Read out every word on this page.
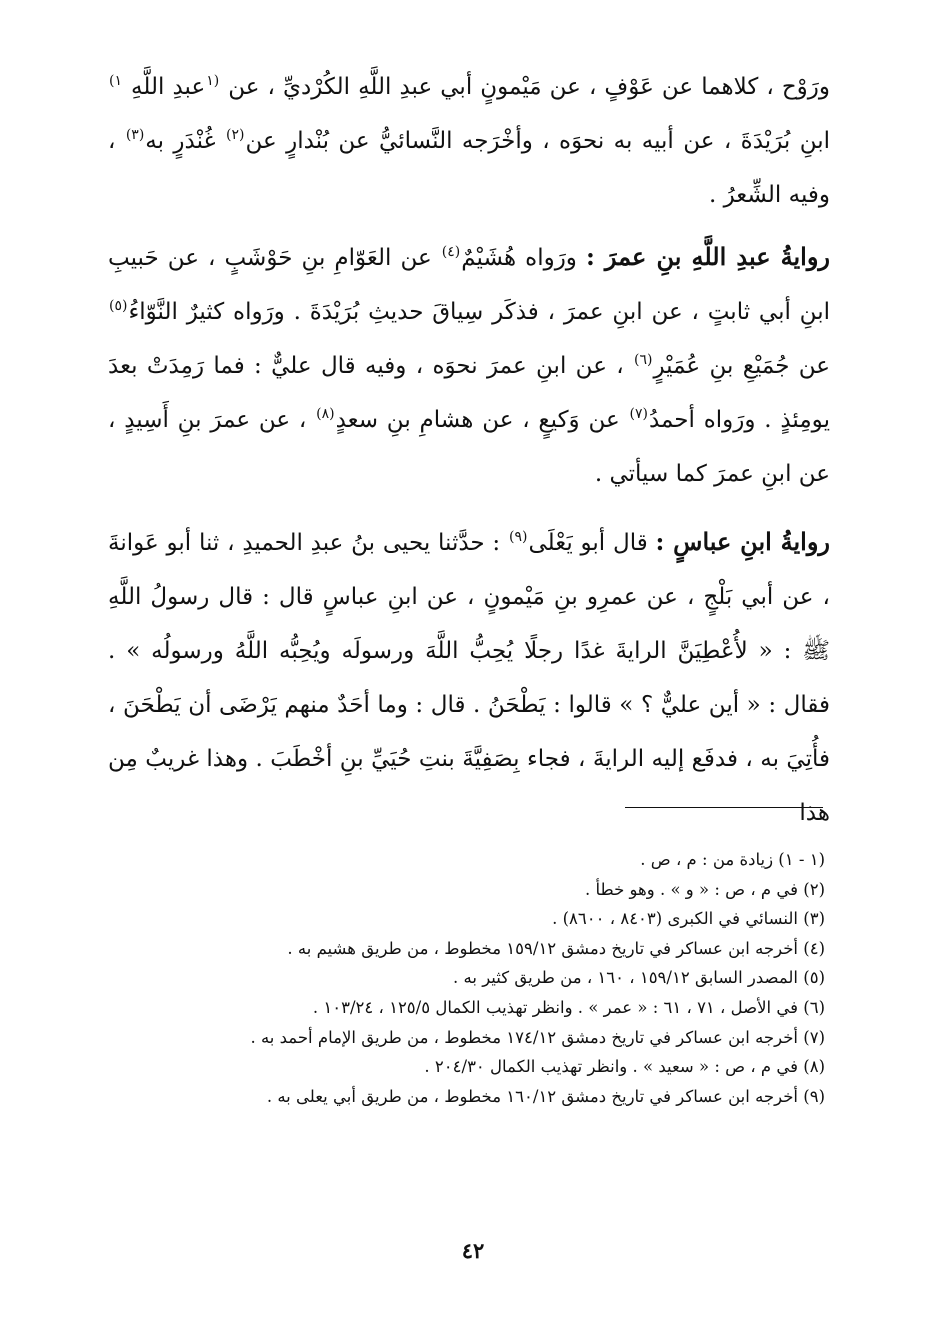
ورَوْح ، كلاهما عن عَوْفٍ ، عن مَيْمونٍ أبي عبدِ اللَّهِ الكُرْديِّ ، عن $^{(١}$عبدِ اللَّهِ $^{١)}$ ابنِ بُرَيْدَةَ ، عن أبيه به نحوَه ، وأخْرَجه النَّسائيُّ عن بُنْدارٍ عن$^{(٢)}$ غُنْدَرٍ به$^{(٣)}$ ، وفيه الشِّعرُ .

روايةُ عبدِ اللَّهِ بنِ عمرَ : ورَواه هُشَيْمٌ$^{(٤)}$ عن العَوّامِ بنِ حَوْشَبٍ ، عن حَبيبِ ابنِ أبي ثابتٍ ، عن ابنِ عمرَ ، فذكَر سِياقَ حديثِ بُرَيْدَةَ . ورَواه كثيرٌ النَّوّاءُ$^{(٥)}$ عن جُمَيْعِ بنِ عُمَيْرٍ$^{(٦)}$ ، عن ابنِ عمرَ نحوَه ، وفيه قال عليٌّ : فما رَمِدَتْ بعدَ يومِئذٍ . ورَواه أحمدُ$^{(٧)}$ عن وَكيعٍ ، عن هشامِ بنِ سعدٍ$^{(٨)}$ ، عن عمرَ بنِ أَسِيدٍ ، عن ابنِ عمرَ كما سيأتي .

روايةُ ابنِ عباسٍ : قال أبو يَعْلَى$^{(٩)}$ : حدَّثنا يحيى بنُ عبدِ الحميدِ ، ثنا أبو عَوانةَ ، عن أبي بَلْجٍ ، عن عمرِو بنِ مَيْمونٍ ، عن ابنِ عباسٍ قال : قال رسولُ اللَّهِ ﷺ : « لأُعْطِيَنَّ الرايةَ غدًا رجلًا يُحِبُّ اللَّهَ ورسولَه ويُحِبُّه اللَّهُ ورسولُه » . فقال : « أين عليٌّ ؟ » قالوا : يَطْحَنُ . قال : وما أحَدٌ منهم يَرْضَى أن يَطْحَنَ ، فأُتِيَ به ، فدفَع إليه الرايةَ ، فجاء بِصَفِيَّةَ بنتِ حُيَيِّ بنِ أخْطَبَ . وهذا غريبٌ مِن هذا

(١ - ١) زيادة من : م ، ص .
(٢) في م ، ص : « و » . وهو خطأ .
(٣) النسائي في الكبرى (٨٤٠٣ ، ٨٦٠٠) .
(٤) أخرجه ابن عساكر في تاريخ دمشق ١٥٩/١٢ مخطوط ، من طريق هشيم به .
(٥) المصدر السابق ١٥٩/١٢ ، ١٦٠ ، من طريق كثير به .
(٦) في الأصل ، ٧١ ، ٦١ : « عمر » . وانظر تهذيب الكمال ١٢٥/٥ ، ١٠٣/٢٤ .
(٧) أخرجه ابن عساكر في تاريخ دمشق ١٧٤/١٢ مخطوط ، من طريق الإمام أحمد به .
(٨) في م ، ص : « سعيد » . وانظر تهذيب الكمال ٢٠٤/٣٠ .
(٩) أخرجه ابن عساكر في تاريخ دمشق ١٦٠/١٢ مخطوط ، من طريق أبي يعلى به .
٤٢
